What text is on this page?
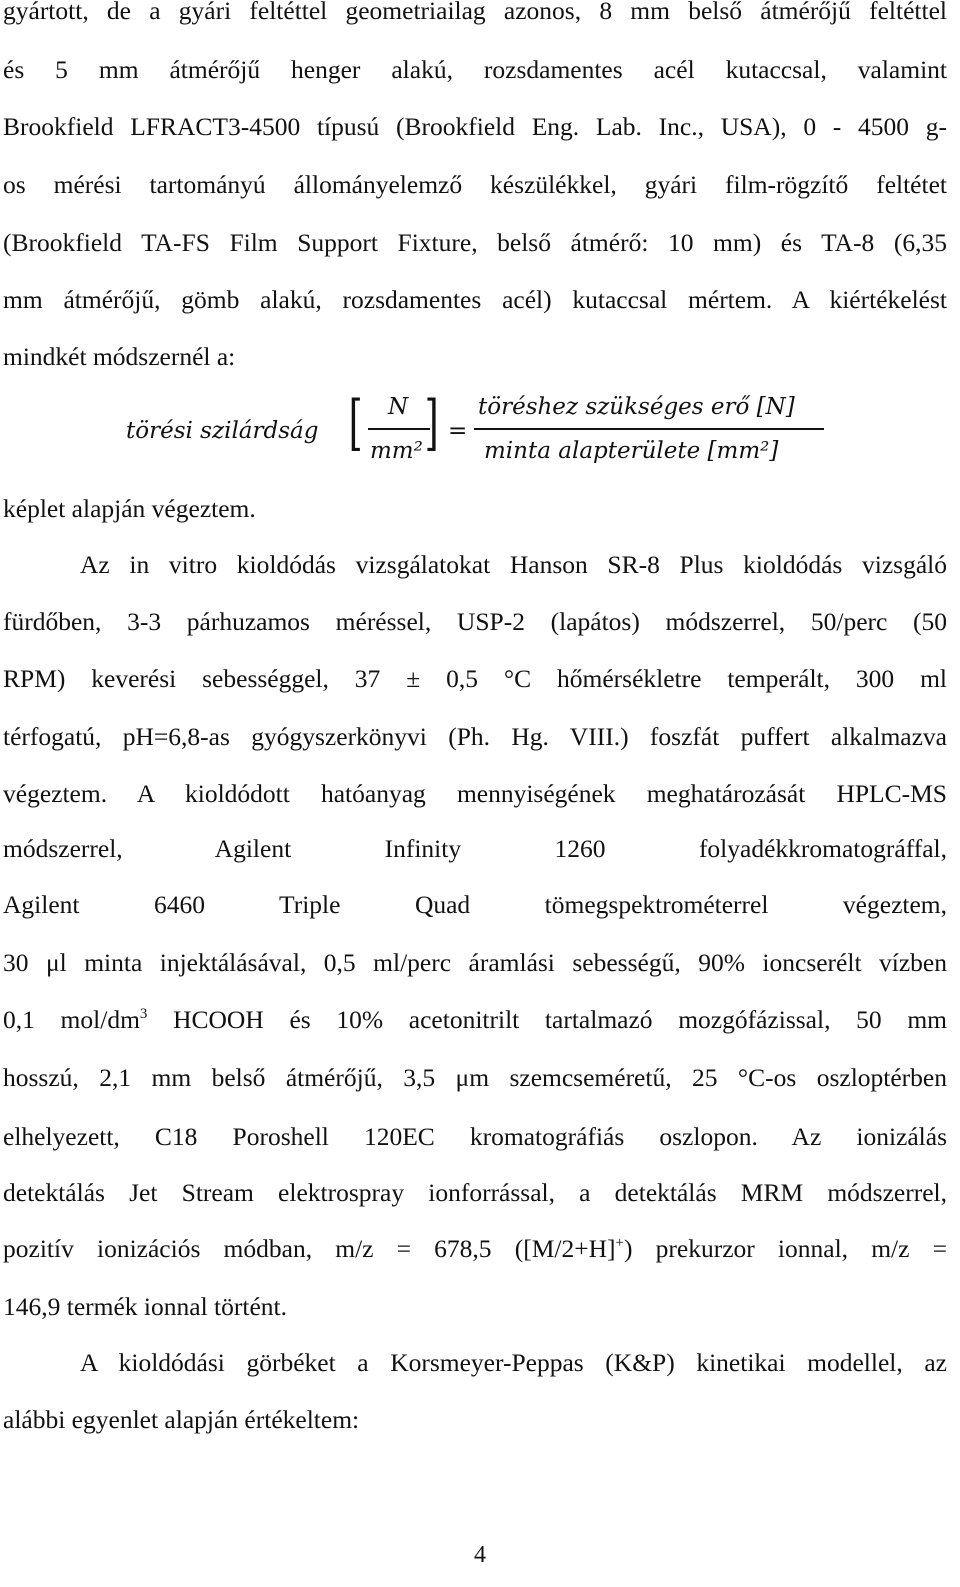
gyártott, de a gyári feltéttel geometriailag azonos, 8 mm belső átmérőjű feltéttel
és 5 mm átmérőjű henger alakú, rozsdamentes acél kutaccsal, valamint
Brookfield LFRACT3-4500 típusú (Brookfield Eng. Lab. Inc., USA), 0 - 4500 g-
os mérési tartományú állományelemző készülékkel, gyári film-rögzítő feltétet
(Brookfield TA-FS Film Support Fixture, belső átmérő: 10 mm) és TA-8 (6,35
mm átmérőjű, gömb alakú, rozsdamentes acél) kutaccsal mértem. A kiértékelést
mindkét módszernél a:
törési szilárdság [ N
mm² ] =
töréshez szükséges erő [N]
minta alapterülete [mm²]
képlet alapján végeztem.
Az in vitro kioldódás vizsgálatokat Hanson SR-8 Plus kioldódás vizsgáló
fürdőben, 3-3 párhuzamos méréssel, USP-2 (lapátos) módszerrel, 50/perc (50
RPM) keverési sebességgel, 37 ± 0,5 °C hőmérsékletre temperált, 300 ml
térfogatú, pH=6,8-as gyógyszerkönyvi (Ph. Hg. VIII.) foszfát puffert alkalmazva
végeztem. A kioldódott hatóanyag mennyiségének meghatározását HPLC-MS
módszerrel, Agilent Infinity 1260 folyadékkromatográffal,
Agilent 6460 Triple Quad tömegspektrométerrel végeztem,
30 μl minta injektálásával, 0,5 ml/perc áramlási sebességű, 90% ioncserélt vízben
0,1 mol/$dm^3$ HCOOH és 10% acetonitrilt tartalmazó mozgófázissal, 50 mm
hosszú, 2,1 mm belső átmérőjű, 3,5 μm szemcseméretű, 25 °C-os oszloptérben
elhelyezett, C18 Poroshell 120EC kromatográfiás oszlopon. Az ionizálás
detektálás Jet Stream elektrospray ionforrással, a detektálás MRM módszerrel,
pozitív ionizációs módban, m/z = 678,5 ([M/2+H]+) prekurzor ionnal, m/z =
146,9 termék ionnal történt.
A kioldódási görbéket a Korsmeyer-Peppas (K&P) kinetikai modellel, az
alábbi egyenlet alapján értékeltem:
4
